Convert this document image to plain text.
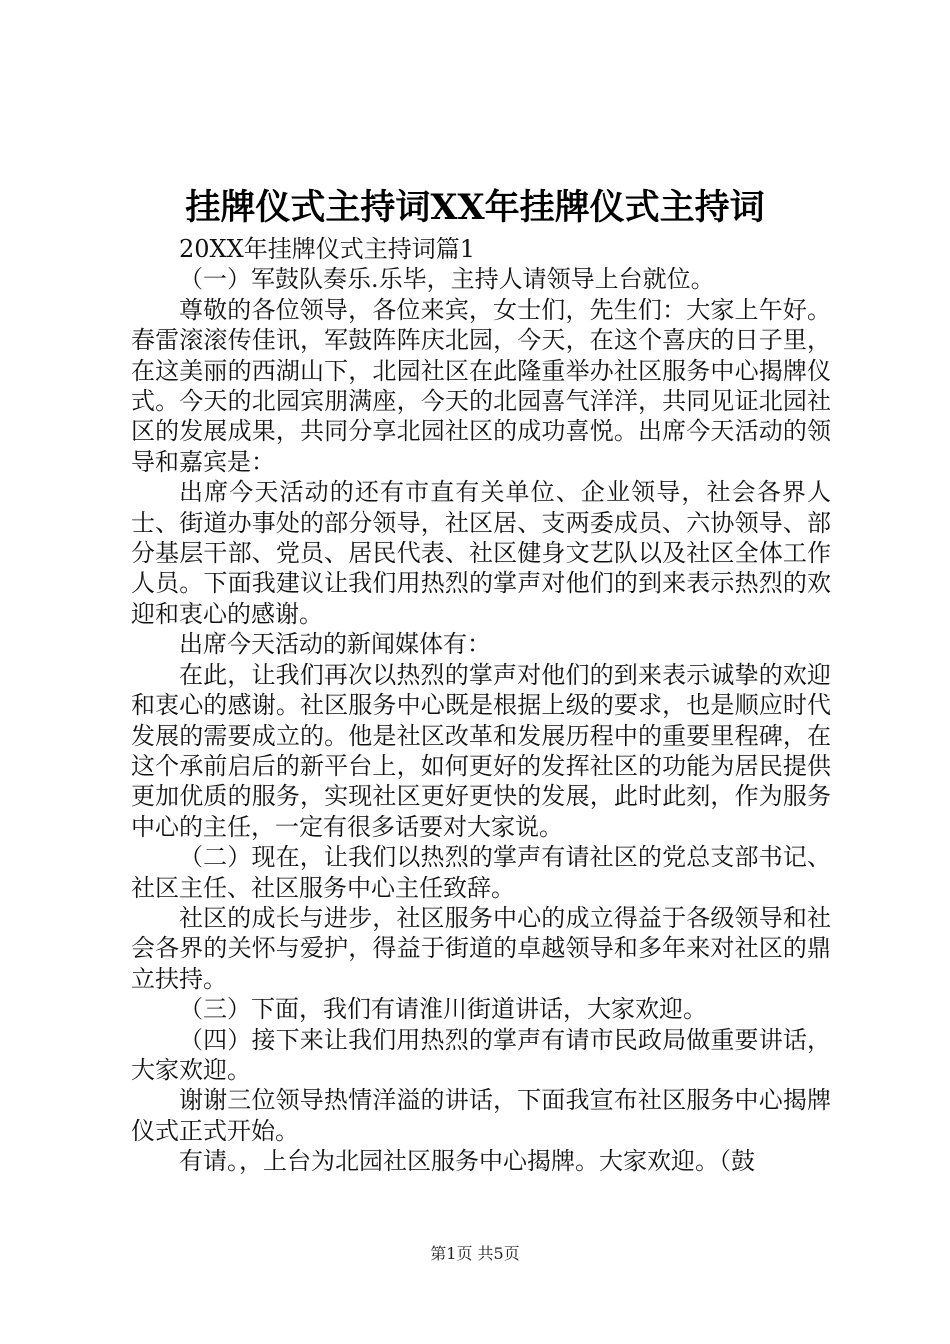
挂牌仪式主持词XX年挂牌仪式主持词

20XX年挂牌仪式主持词篇1

（一）军鼓队奏乐.乐毕，主持人请领导上台就位。

尊敬的各位领导，各位来宾，女士们，先生们：大家上午好。春雷滚滚传佳讯，军鼓阵阵庆北园，今天，在这个喜庆的日子里，在这美丽的西湖山下，北园社区在此隆重举办社区服务中心揭牌仪式。今天的北园宾朋满座，今天的北园喜气洋洋，共同见证北园社区的发展成果，共同分享北园社区的成功喜悦。出席今天活动的领导和嘉宾是：

出席今天活动的还有市直有关单位、企业领导，社会各界人士、街道办事处的部分领导，社区居、支两委成员、六协领导、部分基层干部、党员、居民代表、社区健身文艺队以及社区全体工作人员。下面我建议让我们用热烈的掌声对他们的到来表示热烈的欢迎和衷心的感谢。

出席今天活动的新闻媒体有：

在此，让我们再次以热烈的掌声对他们的到来表示诚挚的欢迎和衷心的感谢。社区服务中心既是根据上级的要求，也是顺应时代发展的需要成立的。他是社区改革和发展历程中的重要里程碑，在这个承前启后的新平台上，如何更好的发挥社区的功能为居民提供更加优质的服务，实现社区更好更快的发展，此时此刻，作为服务中心的主任，一定有很多话要对大家说。

（二）现在，让我们以热烈的掌声有请社区的党总支部书记、社区主任、社区服务中心主任致辞。

社区的成长与进步，社区服务中心的成立得益于各级领导和社会各界的关怀与爱护，得益于街道的卓越领导和多年来对社区的鼎立扶持。

（三）下面，我们有请淮川街道讲话，大家欢迎。

（四）接下来让我们用热烈的掌声有请市民政局做重要讲话，大家欢迎。

谢谢三位领导热情洋溢的讲话，下面我宣布社区服务中心揭牌仪式正式开始。

有请。，上台为北园社区服务中心揭牌。大家欢迎。（鼓

第1页 共5页
